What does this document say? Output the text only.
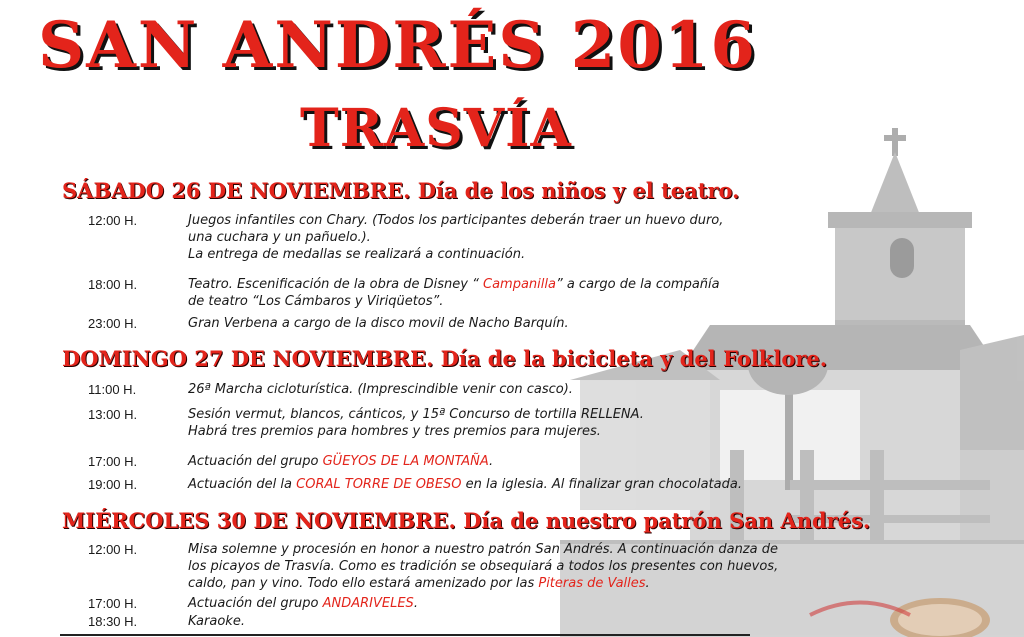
SAN ANDRÉS 2016
TRASVÍA
SÁBADO 26 DE NOVIEMBRE. Día de los niños y el teatro.
12:00 H.	Juegos infantiles con Chary. (Todos los participantes deberán traer un huevo duro,
una cuchara y un pañuelo.).
La entrega de medallas se realizará a continuación.
18:00 H.	Teatro. Escenificación de la obra de Disney “ Campanilla” a cargo de la compañía
de teatro “Los Cámbaros y Viriqüetos”.
23:00 H.	Gran Verbena a cargo de la disco movil de Nacho Barquín.
DOMINGO 27 DE NOVIEMBRE. Día de la bicicleta y del Folklore.
11:00 H.	26ª Marcha cicloturística. (Imprescindible venir con casco).
13:00 H.	Sesión vermut, blancos, cánticos, y 15ª Concurso de tortilla RELLENA.
Habrá tres premios para hombres y tres premios para mujeres.
17:00 H.	Actuación del grupo GÜEYOS DE LA MONTAÑA.
19:00 H.	Actuación del la CORAL TORRE DE OBESO en la iglesia. Al finalizar gran chocolatada.
MIÉRCOLES 30 DE NOVIEMBRE. Día de nuestro patrón San Andrés.
12:00 H.	Misa solemne y procesión en honor a nuestro patrón San Andrés. A continuación danza de
los picayos de Trasvía. Como es tradición se obsequiará a todos los presentes con huevos,
caldo, pan y vino. Todo ello estará amenizado por las Piteras de Valles.
17:00 H.	Actuación del grupo ANDARIVELES.
18:30 H.	Karaoke.
